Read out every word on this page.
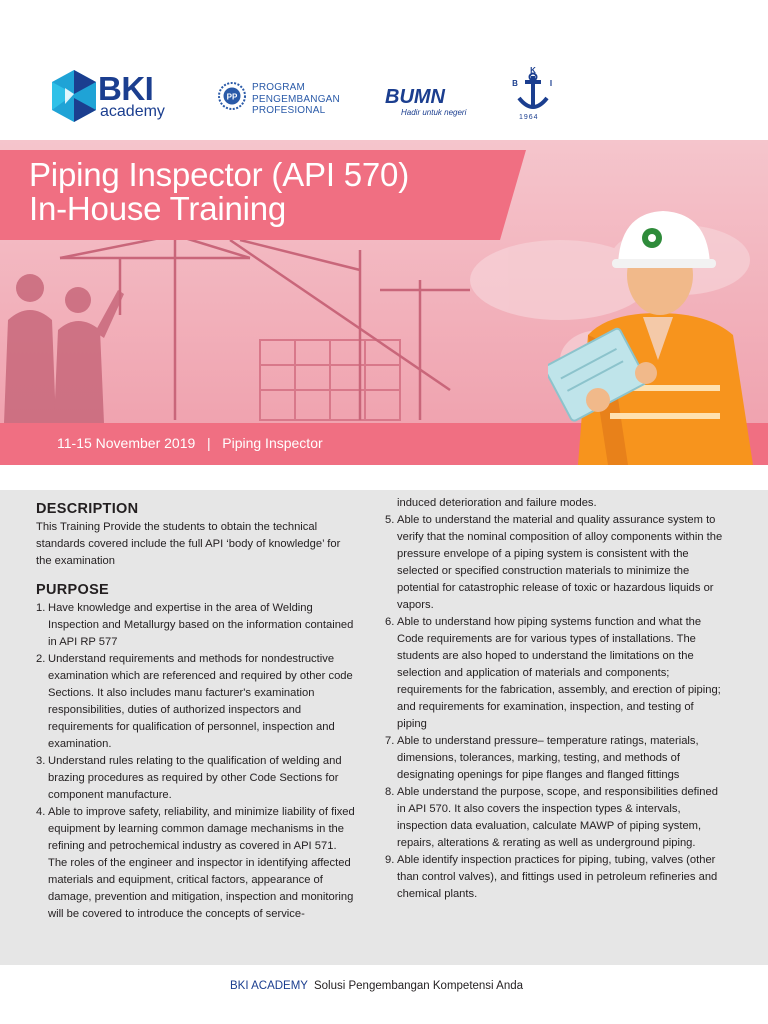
BKI
academy
PP
PROGRAM
PENGEMBANGAN
PROFESIONAL
BUMN
Hadir untuk negeri
K
B	I
1964
Piping Inspector (API 570)
In-House Training
11-15 November 2019   |   Piping Inspector
DESCRIPTION

This Training Provide the students to obtain the technical standards covered include the full API ‘body of knowledge’ for the examination

PURPOSE
1. Have knowledge and expertise in the area of Welding Inspection and Metallurgy based on the information contained in API RP 577
2. Understand requirements and methods for nondestructive examination which are referenced and required by other code Sections. It also includes manu facturer's examination responsibilities, duties of authorized inspectors and requirements for qualification of personnel, inspection and examination.
3. Understand rules relating to the qualification of welding and brazing procedures as required by other Code Sections for component manufacture.
4. Able to improve safety, reliability, and minimize liability of fixed equipment by learning common damage mechanisms in the refining and petrochemical industry as covered in API 571. The roles of the engineer and inspector in identifying affected materials and equipment, critical factors, appearance of damage, prevention and mitigation, inspection and monitoring will be covered to introduce the concepts of service-
induced deterioration and failure modes.
5. Able to understand the material and quality assurance system to verify that the nominal composition of alloy components within the pressure envelope of a piping system is consistent with the selected or specified construction materials to minimize the potential for catastrophic release of toxic or hazardous liquids or vapors.
6. Able to understand how piping systems function and what the Code requirements are for various types of installations. The students are also hoped to understand the limitations on the selection and application of materials and components; requirements for the fabrication, assembly, and erection of piping; and requirements for examination, inspection, and testing of piping
7. Able to understand pressure– temperature ratings, materials, dimensions, tolerances, marking, testing, and methods of designating openings for pipe flanges and flanged fittings
8. Able understand the purpose, scope, and responsibilities defined in API 570. It also covers the inspection types & intervals, inspection data evaluation, calculate MAWP of piping system, repairs, alterations & rerating as well as underground piping.
9. Able identify inspection practices for piping, tubing, valves (other than control valves), and fittings used in petroleum refineries and chemical plants.
BKI ACADEMY Solusi Pengembangan Kompetensi Anda
